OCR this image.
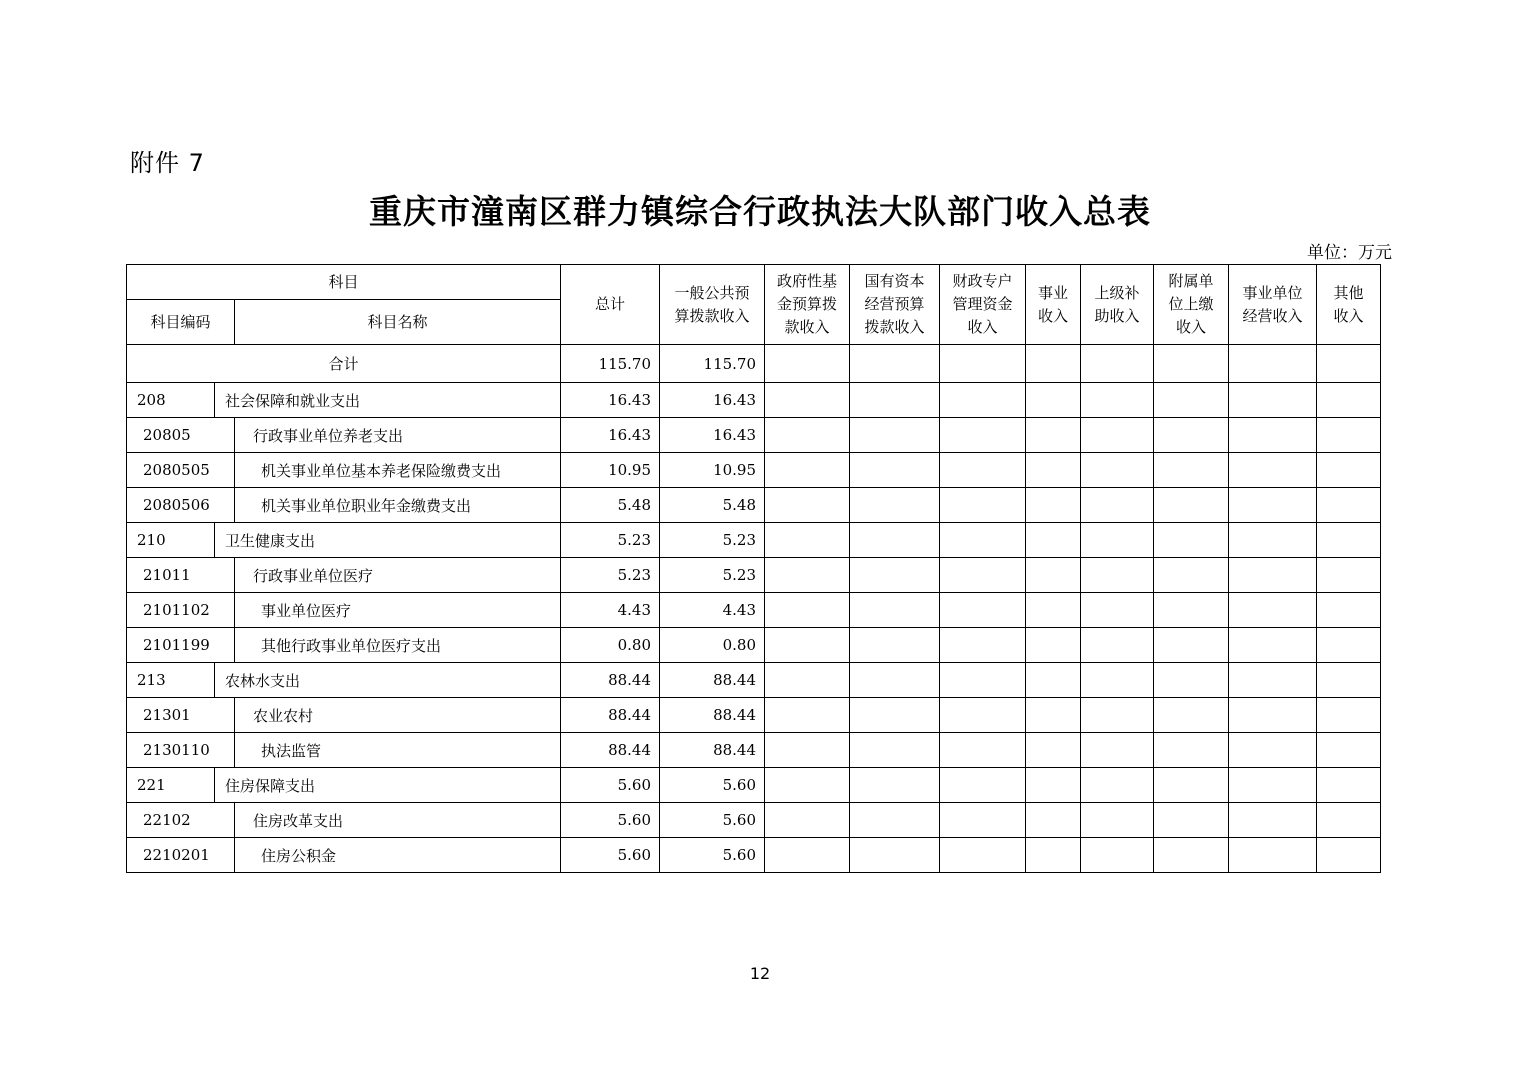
附件 7
重庆市潼南区群力镇综合行政执法大队部门收入总表
单位：万元
科目			总计	一般公共预算拨款收入	政府性基金预算拨款收入	国有资本经营预算拨款收入	财政专户管理资金收入	事业收入	上级补助收入	附属单位上缴收入	事业单位经营收入	其他收入	
科目编码		科目名称											
合计			115.70	115.70									
208	社会保障和就业支出		16.43	16.43									
20805		行政事业单位养老支出	16.43	16.43									
2080505		机关事业单位基本养老保险缴费支出	10.95	10.95									
2080506		机关事业单位职业年金缴费支出	5.48	5.48									
210	卫生健康支出		5.23	5.23									
21011		行政事业单位医疗	5.23	5.23									
2101102		事业单位医疗	4.43	4.43									
2101199		其他行政事业单位医疗支出	0.80	0.80									
213	农林水支出		88.44	88.44									
21301		农业农村	88.44	88.44									
2130110		执法监管	88.44	88.44									
221	住房保障支出		5.60	5.60									
22102		住房改革支出	5.60	5.60									
2210201		住房公积金	5.60	5.60									
12
